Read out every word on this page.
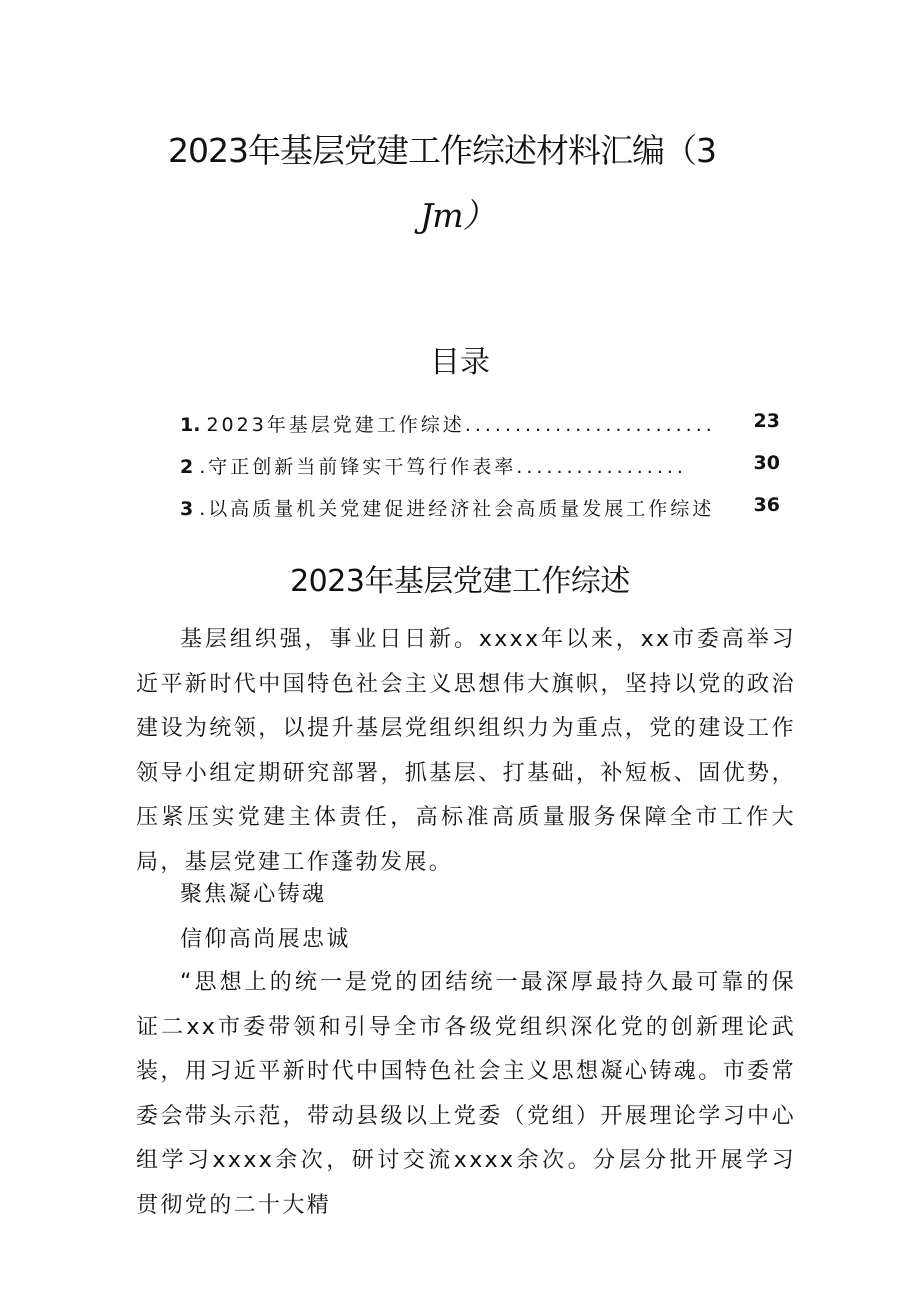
2023年基层党建工作综述材料汇编（3
Jm）
目录
1. 2023年基层党建工作综述......................... 23
2 .守正创新当前锋实干笃行作表率.................	30
3 .以高质量机关党建促进经济社会高质量发展工作综述 36
2023年基层党建工作综述
基层组织强，事业日日新。xxxx年以来，xx市委高举习近平新时代中国特色社会主义思想伟大旗帜，坚持以党的政治建设为统领，以提升基层党组织组织力为重点，党的建设工作领导小组定期研究部署，抓基层、打基础，补短板、固优势，压紧压实党建主体责任，高标准高质量服务保障全市工作大局，基层党建工作蓬勃发展。
聚焦凝心铸魂
信仰高尚展忠诚
“思想上的统一是党的团结统一最深厚最持久最可靠的保证二xx市委带领和引导全市各级党组织深化党的创新理论武装，用习近平新时代中国特色社会主义思想凝心铸魂。市委常委会带头示范，带动县级以上党委（党组）开展理论学习中心组学习xxxx余次，研讨交流xxxx余次。分层分批开展学习贯彻党的二十大精
